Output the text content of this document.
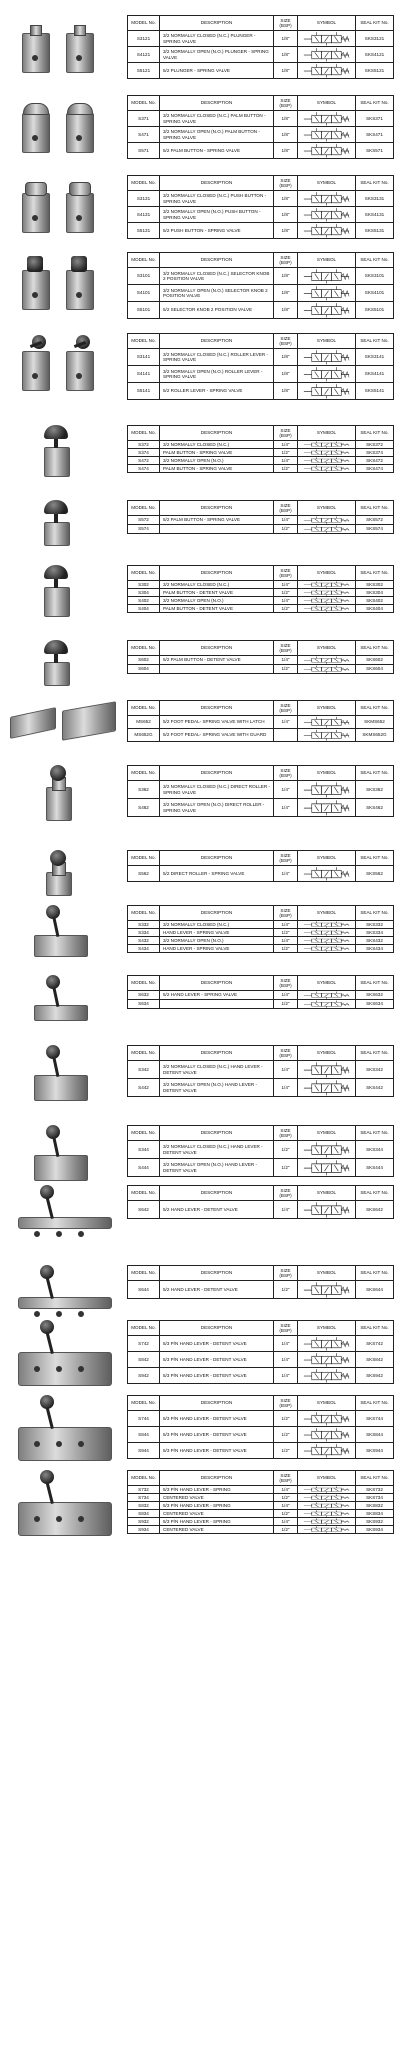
MODEL No.	DESCRIPTION	SIZE (BSP)	SYMBOL	SEAL KIT No.
S3121	3/2 NORMALLY CLOSED (N.C.) PLUNGER - SPRING VALVE	1/8"		SKS3121
S4121	3/2 NORMALLY OPEN (N.O.) PLUNGER - SPRING VALVE	1/8"		SKS4121
S5121	5/2 PLUNGER - SPRING VALVE	1/8"		SKS5121
MODEL No.	DESCRIPTION	SIZE (BSP)	SYMBOL	SEAL KIT No.
S371	3/2 NORMALLY CLOSED (N.C.) PALM BUTTON - SPRING VALVE	1/8"		SKS371
S471	3/2 NORMALLY OPEN (N.O.) PALM BUTTON - SPRING VALVE	1/8"		SKS471
S571	5/2 PALM BUTTON - SPRING VALVE	1/8"		SKS571
MODEL No.	DESCRIPTION	SIZE (BSP)	SYMBOL	SEAL KIT No.
S3131	3/2 NORMALLY CLOSED (N.C.) PUSH BUTTON - SPRING VALVE	1/8"		SKS3131
S4131	3/2 NORMALLY OPEN (N.O.) PUSH BUTTON - SPRING VALVE	1/8"		SKS4131
S5131	5/2 PUSH BUTTON - SPRING VALVE	1/8"		SKS5131
MODEL No.	DESCRIPTION	SIZE (BSP)	SYMBOL	SEAL KIT No.
S3101	3/2 NORMALLY CLOSED (N.C.) SELECTOR KNOB 2 POSITION VALVE	1/8"		SKS3101
S4101	3/2 NORMALLY OPEN (N.O.) SELECTOR KNOB 2 POSITION VALVE	1/8"		SKS4101
S5101	5/2 SELECTOR KNOB 2 POSITION VALVE	1/8"		SKS5101
MODEL No.	DESCRIPTION	SIZE (BSP)	SYMBOL	SEAL KIT No.
S3141	3/2 NORMALLY CLOSED (N.C.) ROLLER LEVER - SPRING VALVE	1/8"		SKS3141
S4141	3/2 NORMALLY OPEN (N.O.) ROLLER LEVER - SPRING VALVE	1/8"		SKS4141
S5141	5/2 ROLLER LEVER - SPRING VALVE	1/8"		SKS5141
MODEL No.	DESCRIPTION	SIZE (BSP)	SYMBOL	SEAL KIT No.
S372	3/2 NORMALLY CLOSED (N.C.)	1/4"		SKS372
S374	PALM BUTTON - SPRING VALVE	1/2"		SKS374
S472	3/2 NORMALLY OPEN (N.O.)	1/4"		SKS472
S474	PALM BUTTON - SPRING VALVE	1/2"		SKS474
MODEL No.	DESCRIPTION	SIZE (BSP)	SYMBOL	SEAL KIT No.
S572	5/2 PALM BUTTON - SPRING VALVE	1/4"		SKS572
S574		1/2"		SKS574
MODEL No.	DESCRIPTION	SIZE (BSP)	SYMBOL	SEAL KIT No.
S302	3/2 NORMALLY CLOSED (N.C.)	1/4"		SKS302
S304	PALM BUTTON - DETENT VALVE	1/2"		SKS304
S402	3/2 NORMALLY OPEN (N.O.)	1/4"		SKS402
S404	PALM BUTTON - DETENT VALVE	1/2"		SKS404
MODEL No.	DESCRIPTION	SIZE (BSP)	SYMBOL	SEAL KIT No.
S602	5/2 PALM BUTTON - DETENT VALVE	1/4"		SKS602
S604		1/2"		SKS604
MODEL No.	DESCRIPTION	SIZE (BSP)	SYMBOL	SEAL KIT No.
MS652	5/2 FOOT PEDAL- SPRING VALVE WITH LATCH	1/4"		SKMS652
MS652G	5/2 FOOT PEDAL- SPRING VALVE WITH GUARD			SKMS652G
MODEL No.	DESCRIPTION	SIZE (BSP)	SYMBOL	SEAL KIT No.
S362	3/2 NORMALLY CLOSED (N.C.) DIRECT ROLLER - SPRING VALVE	1/4"		SKS362
S462	3/2 NORMALLY OPEN (N.O.) DIRECT ROLLER - SPRING VALVE	1/4"		SKS462
MODEL No.	DESCRIPTION	SIZE (BSP)	SYMBOL	SEAL KIT No.
S562	5/2 DIRECT ROLLER - SPRING VALVE	1/4"		SKS562
MODEL No.	DESCRIPTION	SIZE (BSP)	SYMBOL	SEAL KIT No.
S332	3/2 NORMALLY CLOSED (N.C.)	1/4"		SKS332
S334	HAND LEVER - SPRING VALVE	1/2"		SKS334
S432	3/2 NORMALLY OPEN (N.O.)	1/4"		SKS432
S434	HAND LEVER - SPRING VALVE	1/2"		SKS434
MODEL No.	DESCRIPTION	SIZE (BSP)	SYMBOL	SEAL KIT No.
S632	5/2 HAND LEVER - SPRING VALVE	1/4"		SKS632
S634		1/2"		SKS634
MODEL No.	DESCRIPTION	SIZE (BSP)	SYMBOL	SEAL KIT No.
S342	3/2 NORMALLY CLOSED (N.C.) HAND LEVER - DETENT VALVE	1/4"		SKS342
S442	3/2 NORMALLY OPEN (N.O.) HAND LEVER - DETENT VALVE	1/4"		SKS442
MODEL No.	DESCRIPTION	SIZE (BSP)	SYMBOL	SEAL KIT No.
S344	3/2 NORMALLY CLOSED (N.C.) HAND LEVER - DETENT VALVE	1/2"		SKS344
S444	3/2 NORMALLY OPEN (N.O.) HAND LEVER - DETENT VALVE	1/2"		SKS444
MODEL No.	DESCRIPTION	SIZE (BSP)	SYMBOL	SEAL KIT No.
S642	5/2 HAND LEVER - DETENT VALVE	1/4"		SKS642
MODEL No.	DESCRIPTION	SIZE (BSP)	SYMBOL	SEAL KIT No.
S644	5/2 HAND LEVER - DETENT VALVE	1/2"		SKS644
MODEL No.	DESCRIPTION	SIZE (BSP)	SYMBOL	SEAL KIT No.
S742	5/3 P/N HAND LEVER - DETENT VALVE	1/4"		SKS742
S842	5/3 P/N HAND LEVER - DETENT VALVE	1/4"		SKS842
S942	5/3 P/N HAND LEVER - DETENT VALVE	1/4"		SKS942
MODEL No.	DESCRIPTION	SIZE (BSP)	SYMBOL	SEAL KIT No.
S744	5/3 P/N HAND LEVER - DETENT VALVE	1/2"		SKS744
S844	5/3 P/N HAND LEVER - DETENT VALVE	1/2"		SKS844
S944	5/3 P/N HAND LEVER - DETENT VALVE	1/2"		SKS944
MODEL No.	DESCRIPTION	SIZE (BSP)	SYMBOL	SEAL KIT No.
S732	5/3 P/N HAND LEVER - SPRING	1/4"		SKS732
S734	CENTERED VALVE	1/2"		SKS734
S832	5/3 P/N HAND LEVER - SPRING	1/4"		SKS832
S834	CENTERED VALVE	1/2"		SKS834
S932	5/3 P/N HAND LEVER - SPRING	1/4"		SKS932
S934	CENTERED VALVE	1/2"		SKS934
